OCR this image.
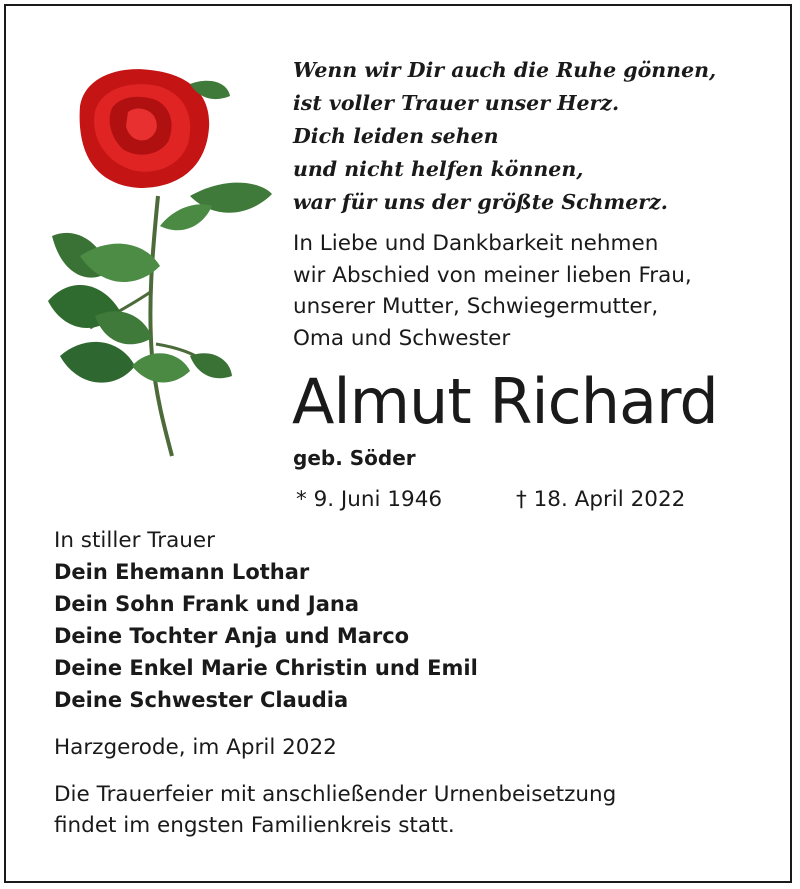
Wenn wir Dir auch die Ruhe gönnen,
ist voller Trauer unser Herz.
Dich leiden sehen
und nicht helfen können,
war für uns der größte Schmerz.
In Liebe und Dankbarkeit nehmen
wir Abschied von meiner lieben Frau,
unserer Mutter, Schwiegermutter,
Oma und Schwester
Almut Richard
geb. Söder
* 9. Juni 1946	† 18. April 2022
In stiller Trauer
Dein Ehemann Lothar
Dein Sohn Frank und Jana
Deine Tochter Anja und Marco
Deine Enkel Marie Christin und Emil
Deine Schwester Claudia
Harzgerode, im April 2022
Die Trauerfeier mit anschließender Urnenbeisetzung
findet im engsten Familienkreis statt.
